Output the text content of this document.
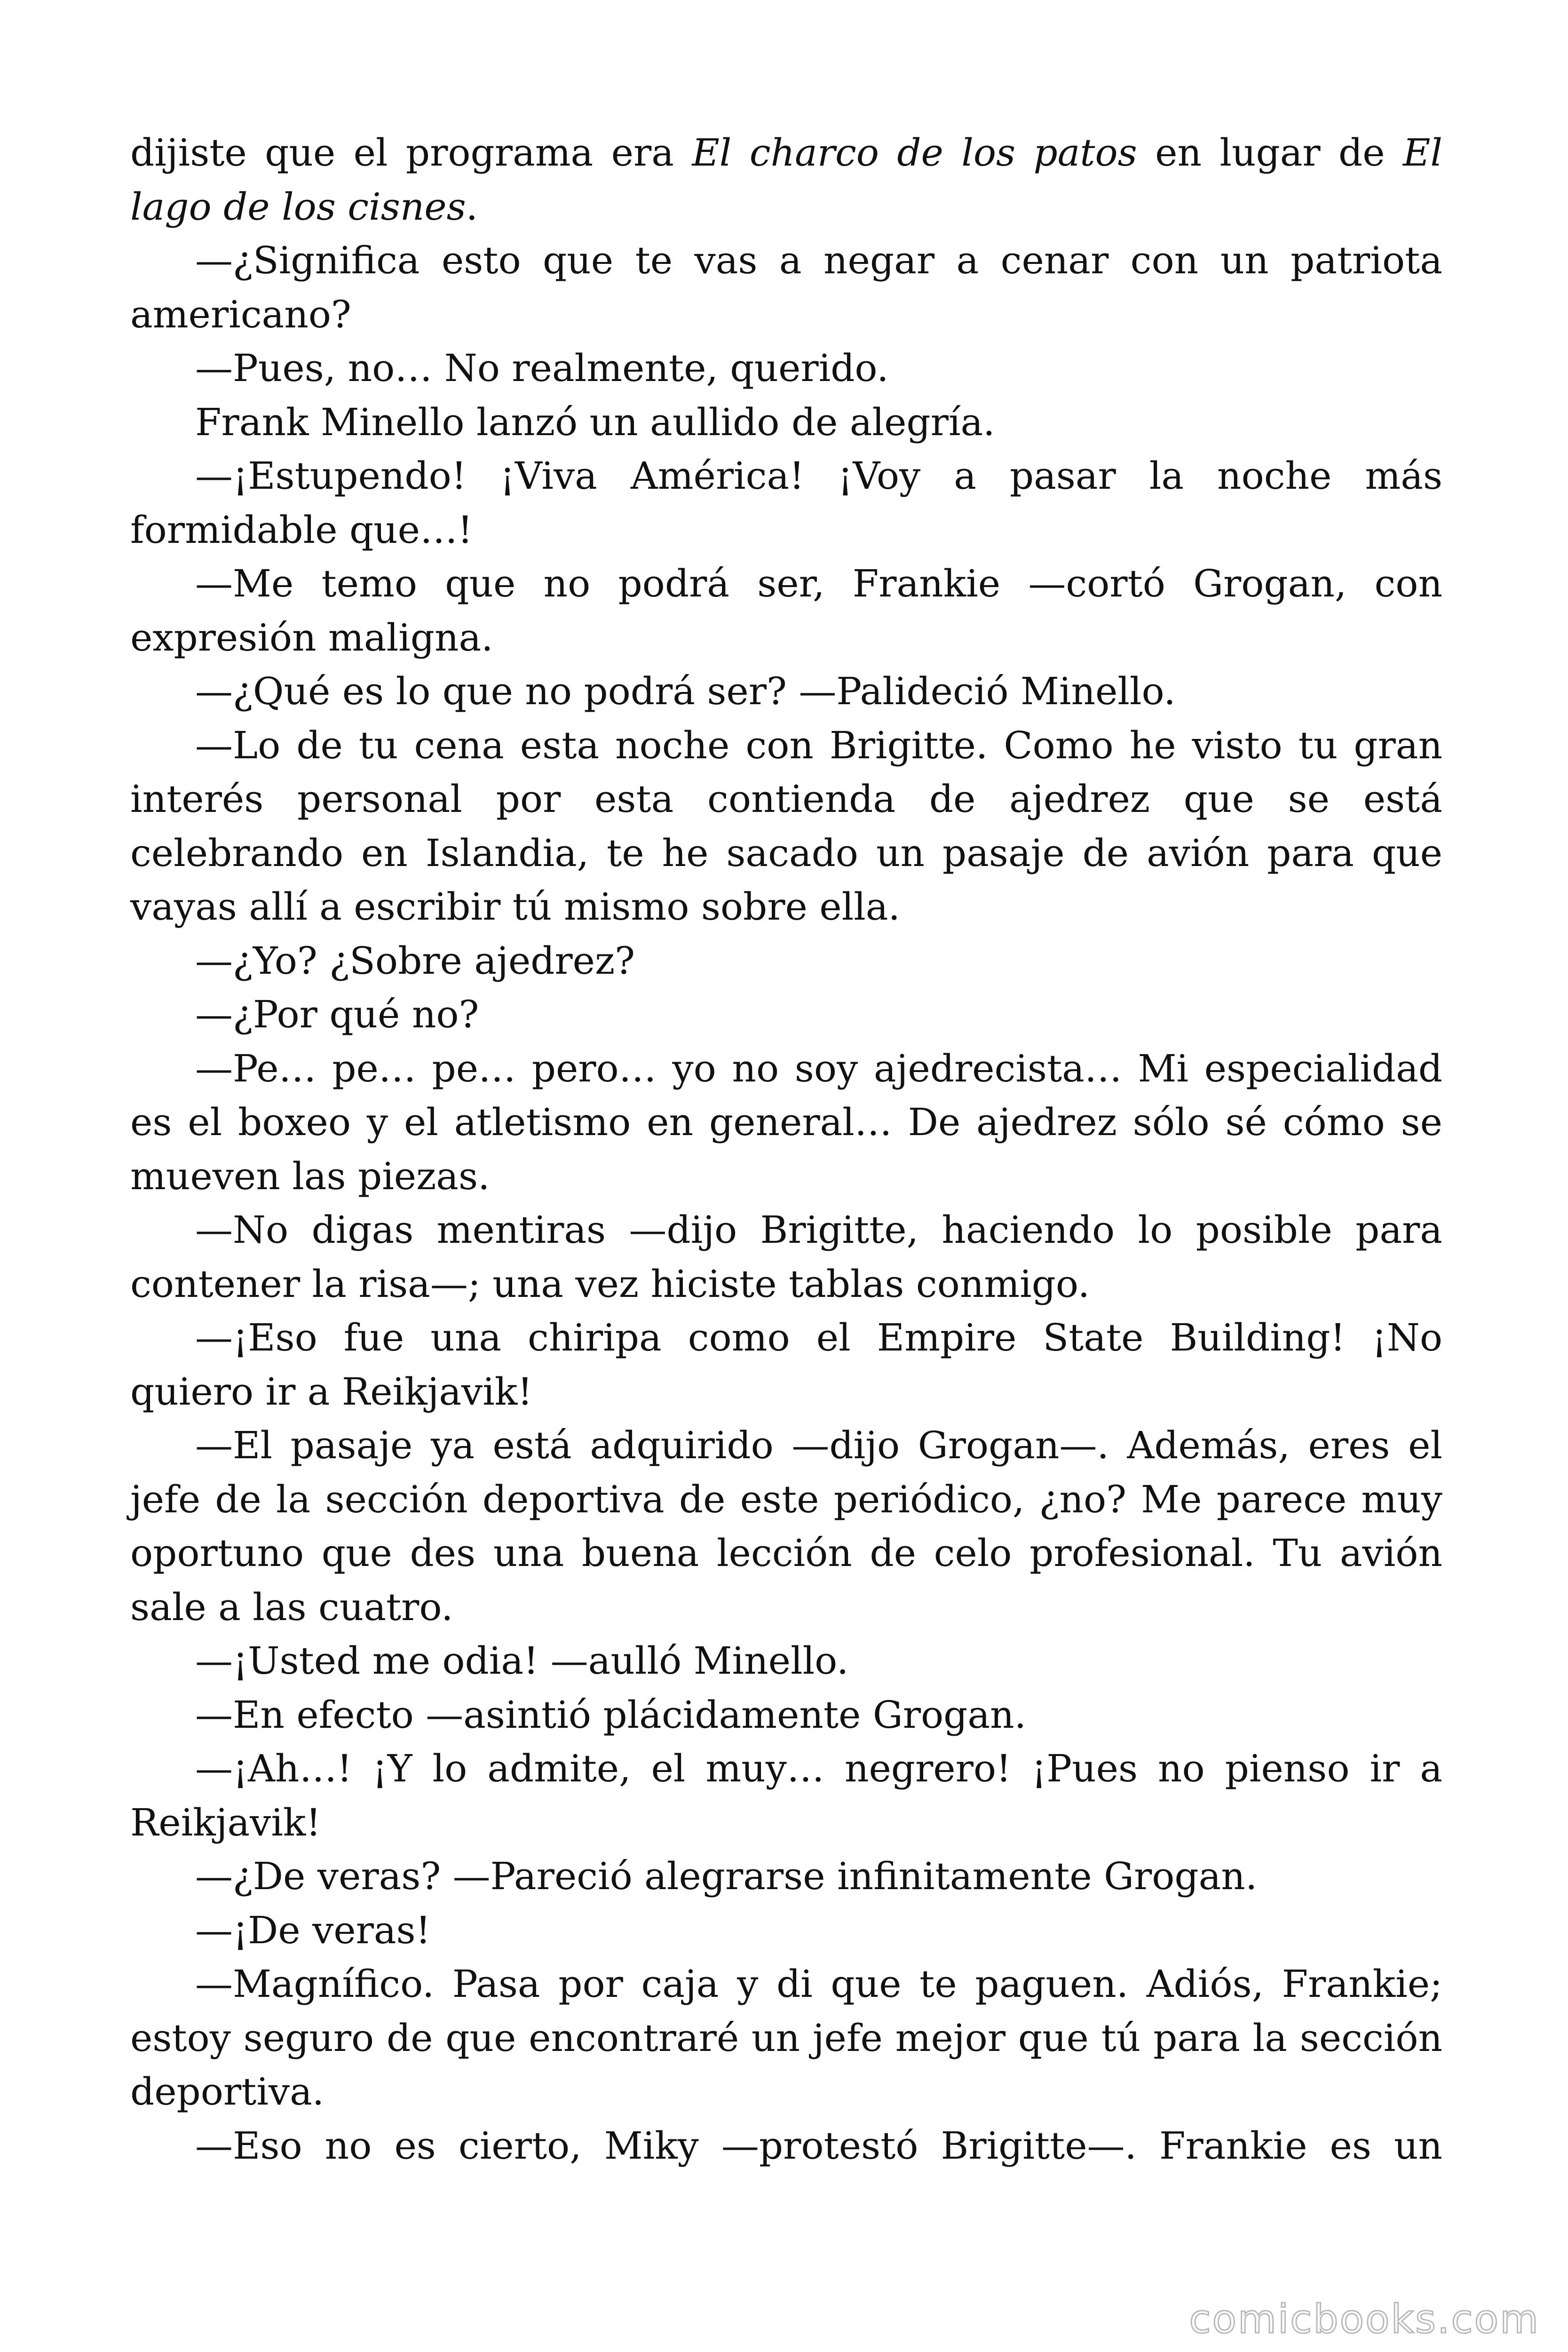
dijiste que el programa era El charco de los patos en lugar de El lago de los cisnes.

—¿Significa esto que te vas a negar a cenar con un patriota americano?

—Pues, no… No realmente, querido.

Frank Minello lanzó un aullido de alegría.

—¡Estupendo! ¡Viva América! ¡Voy a pasar la noche más formidable que…!

—Me temo que no podrá ser, Frankie —cortó Grogan, con expresión maligna.

—¿Qué es lo que no podrá ser? —Palideció Minello.

—Lo de tu cena esta noche con Brigitte. Como he visto tu gran interés personal por esta contienda de ajedrez que se está celebrando en Islandia, te he sacado un pasaje de avión para que vayas allí a escribir tú mismo sobre ella.

—¿Yo? ¿Sobre ajedrez?

—¿Por qué no?

—Pe… pe… pe… pero… yo no soy ajedrecista… Mi especialidad es el boxeo y el atletismo en general… De ajedrez sólo sé cómo se mueven las piezas.

—No digas mentiras —dijo Brigitte, haciendo lo posible para contener la risa—; una vez hiciste tablas conmigo.

—¡Eso fue una chiripa como el Empire State Building! ¡No quiero ir a Reikjavik!

—El pasaje ya está adquirido —dijo Grogan—. Además, eres el jefe de la sección deportiva de este periódico, ¿no? Me parece muy oportuno que des una buena lección de celo profesional. Tu avión sale a las cuatro.

—¡Usted me odia! —aulló Minello.

—En efecto —asintió plácidamente Grogan.

—¡Ah…! ¡Y lo admite, el muy… negrero! ¡Pues no pienso ir a Reikjavik!

—¿De veras? —Pareció alegrarse infinitamente Grogan.

—¡De veras!

—Magnífico. Pasa por caja y di que te paguen. Adiós, Frankie; estoy seguro de que encontraré un jefe mejor que tú para la sección deportiva.

—Eso no es cierto, Miky —protestó Brigitte—. Frankie es un

comicbooks.com
